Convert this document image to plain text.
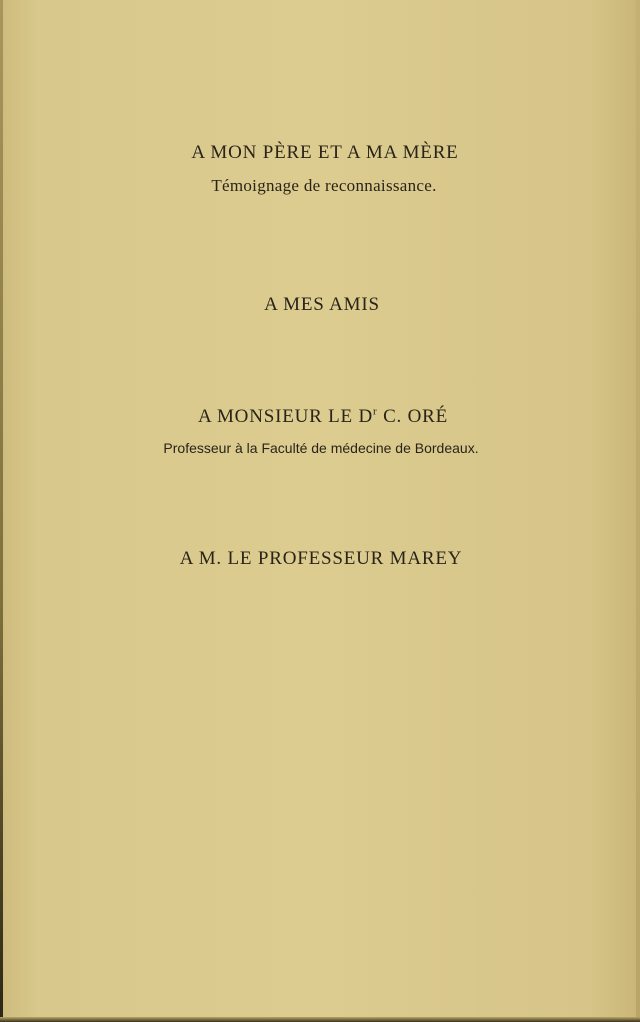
A MON PÈRE ET A MA MÈRE
Témoignage de reconnaissance.
A MES AMIS
A MONSIEUR LE $D^r$ C. ORÉ
Professeur à la Faculté de médecine de Bordeaux.
A M. LE PROFESSEUR MAREY
